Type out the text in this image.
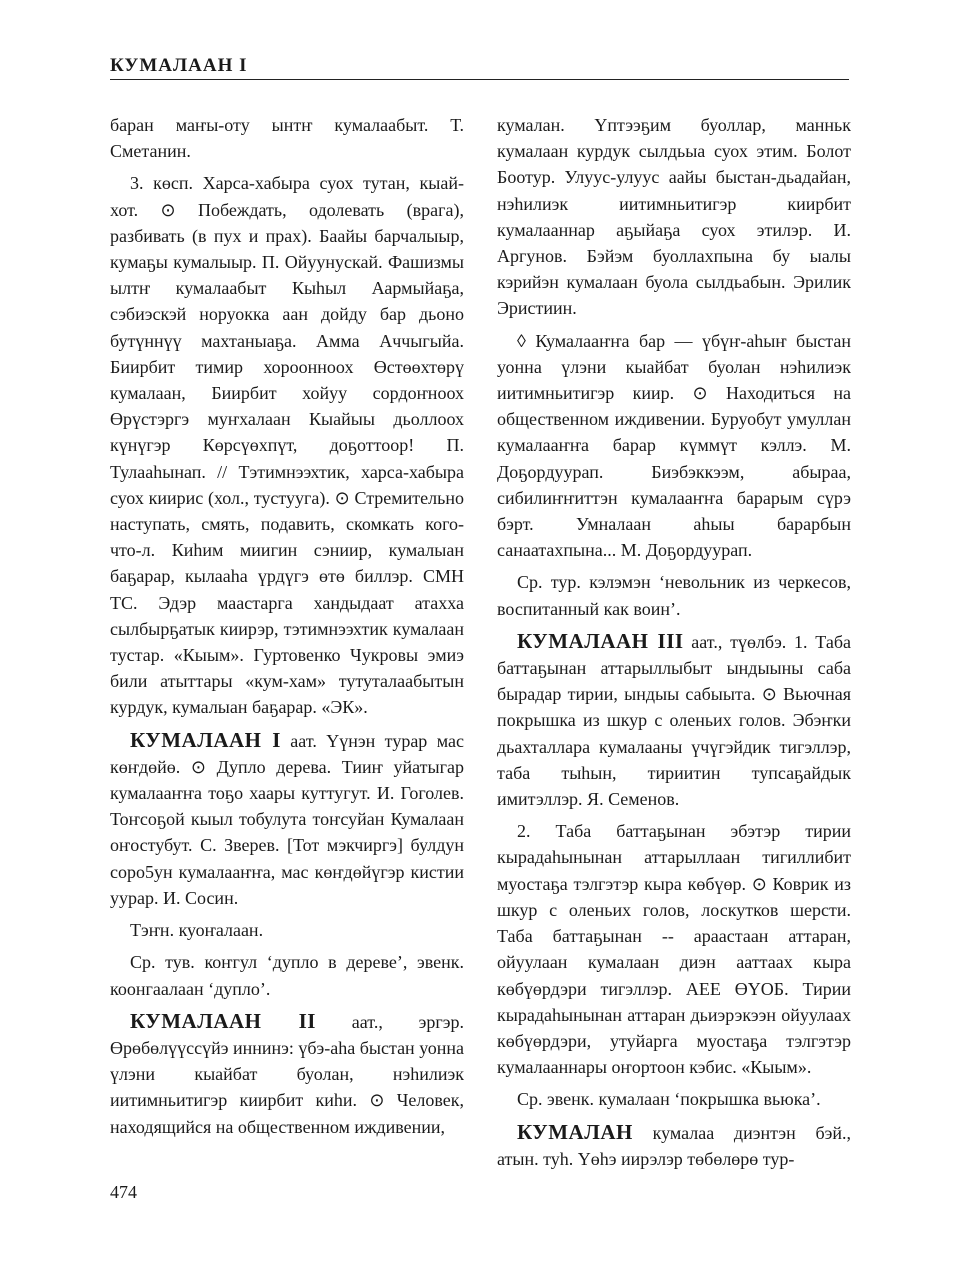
КУМАЛААН I

баран маҥы-оту ынтҥ кумалаабыт. Т. Сметанин.

3. көсп. Харса-хабыра суох тутан, кыай-хот. ⊙ Побеждать, одолевать (врага), разбивать (в пух и прах). Баайы барчалыыр, кумаҕы кумалыыр. П. Ойуунускай. Фашизмы ылтҥ кумалаабыт Кыһыл Аармыйаҕа, сэбиэскэй норуокка аан дойду бар дьоно бутүннүү махтаныаҕа. Амма Аччыгыйа. Биирбит тимир хороонноох Өстөөхтөрү кумалаан, Биирбит хойуу сордоҥноох Өрүстэргэ муҥхалаан Кыайыы дьоллоох күнүгэр Көрсүөхпүт, доҕоттоор! П. Тулааһынап. // Тэтимнээхтик, харса-хабыра суох киирис (хол., тустууга). ⊙ Стремительно наступать, смять, подавить, скомкать кого-что-л. Киһим миигин сэниир, кумалыан баҕарар, кылааһа үрдүгэ өтө биллэр. СМН ТС. Эдэр маастарга хандыдаат атахха сылбырҕатык киирэр, тэтимнээхтик кумалаан тустар. «Кыым». Гуртовенко Чукровы эмиэ били атыттары «кум-хам» тутуталаабытын курдук, кумалыан баҕарар. «ЭК».

КУМАЛААН I аат. Үүнэн турар мас көҥдөйө. ⊙ Дупло дерева. Тииҥ уйатыгар кумалааҥҥа тоҕо хаары куттугут. И. Гоголев. Тоҥсоҕой кыыл тобулута тоҥсуйан Кумалаан оҥостубут. С. Зверев. [Тот мэкчиргэ] булдун соро5ун кумалааҥҥа, мас көҥдөйүгэр кистии уурар. И. Сосин.

Тэҥн. куоҥалаан.

Ср. тув. коҥгул ‘дупло в дереве’, эвенк. коонгаалаан ‘дупло’.

КУМАЛААН II аат., эргэр. Өрөбөлүүссүйэ иннинэ: үбэ-аһа быстан уонна үлэни кыайбат буолан, нэһилиэк иитимньитигэр киирбит киһи. ⊙ Человек, находящийся на общественном иждивении,

кумалан. Үптээҕим буоллар, манньк кумалаан курдук сылдьыа суох этим. Болот Боотур. Улуус-улуус аайы быстан-дьадайан, нэһилиэк иитимньитигэр киирбит кумалааннар аҕыйаҕа суох этилэр. И. Аргунов. Бэйэм буоллахпына бу ыалы кэрийэн кумалаан буола сылдьабын. Эрилик Эристиин.

◊ Кумалааҥҥа бар — үбүҥ-аһыҥ быстан уонна үлэни кыайбат буолан нэһилиэк иитимньитигэр киир. ⊙ Находиться на общественном иждивении. Буруобут умуллан кумалааҥҥа барар күммүт кэллэ. М. Доҕордуурап. Биэбэккээм, абыраа, сибилиҥҥиттэн кумалааҥҥа барарым сүрэ бэрт. Умналаан аһыы барарбын санаатахпына... М. Доҕордуурап.

Ср. тур. кэлэмэн ‘невольник из черкесов, воспитанный как воин’.

КУМАЛААН III аат., түөлбэ. 1. Таба баттаҕынан аттарыллыбыт ындыыны саба бырадар тирии, ындыы сабыыта. ⊙ Вьючная покрышка из шкур с оленьих голов. Эбэҥки дьахталлара кумалааны үчүгэйдик тигэллэр, таба тыһын, тириитин тупсаҕайдык имитэллэр. Я. Семенов.

2. Таба баттаҕынан эбэтэр тирии кырадаһынынан аттарыллаан тигиллибит муостаҕа тэлгэтэр кыра көбүөр. ⊙ Коврик из шкур с оленьих голов, лоскутков шерсти. Таба баттаҕынан -- араастаан аттаран, ойуулаан кумалаан диэн ааттаах кыра көбүөрдэри тигэллэр. АЕЕ ӨҮОБ. Тирии кырадаһынынан аттаран дьиэрэкээн ойуулаах көбүөрдэри, утуйарга муостаҕа тэлгэтэр кумалааннары оҥортоон кэбис. «Кыым».

Ср. эвенк. кумалаан ‘покрышка вьюка’.

КУМАЛАН кумалаа диэнтэн бэй., атын. туһ. Үөһэ иирэлэр төбөлөрө тур-

474
